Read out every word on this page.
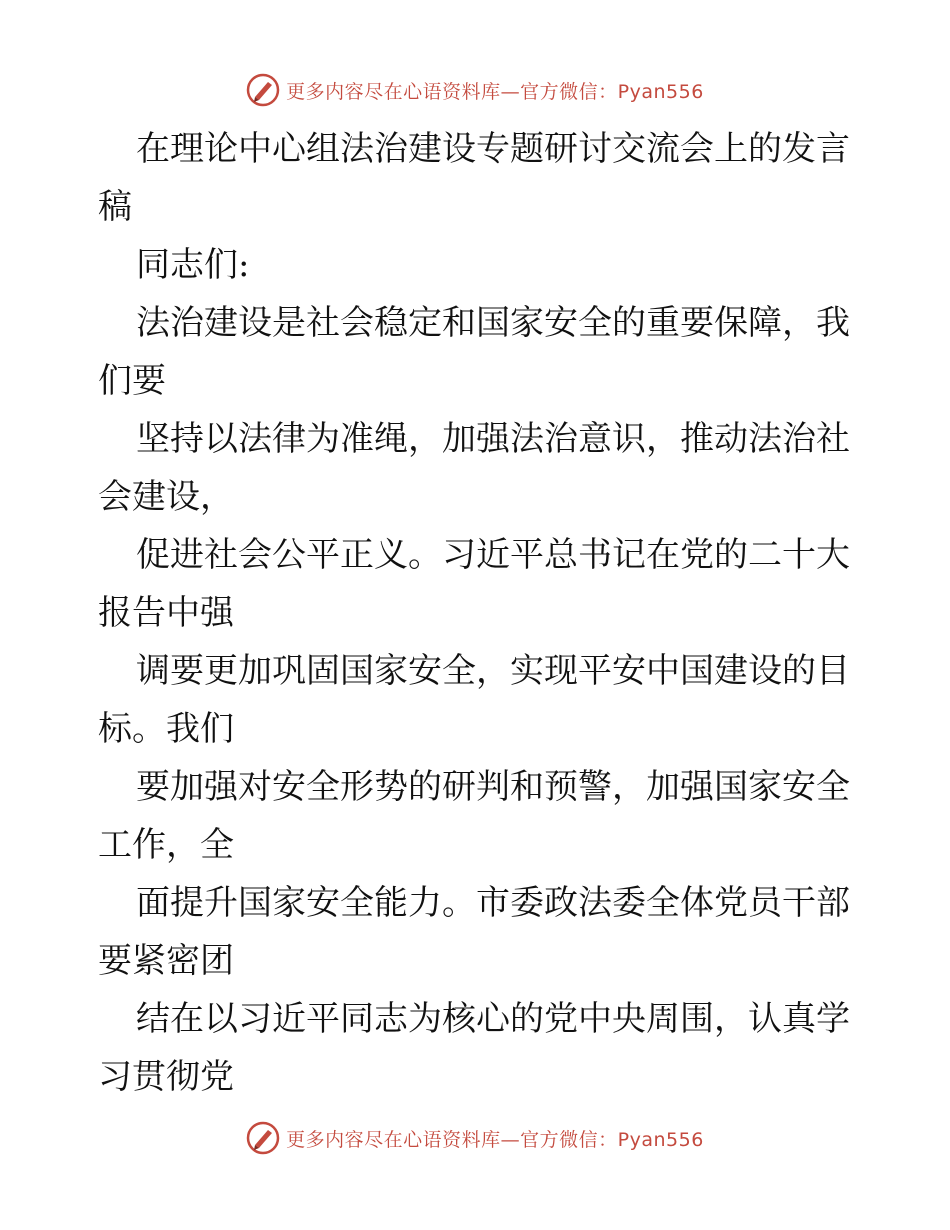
更多内容尽在心语资料库—官方微信：Pyan556
在理论中心组法治建设专题研讨交流会上的发言
稿
同志们:
法治建设是社会稳定和国家安全的重要保障，我
们要
坚持以法律为准绳，加强法治意识，推动法治社
会建设，
促进社会公平正义。习近平总书记在党的二十大
报告中强
调要更加巩固国家安全，实现平安中国建设的目
标。我们
要加强对安全形势的研判和预警，加强国家安全
工作，全
面提升国家安全能力。市委政法委全体党员干部
要紧密团
结在以习近平同志为核心的党中央周围，认真学
习贯彻党
更多内容尽在心语资料库—官方微信：Pyan556
